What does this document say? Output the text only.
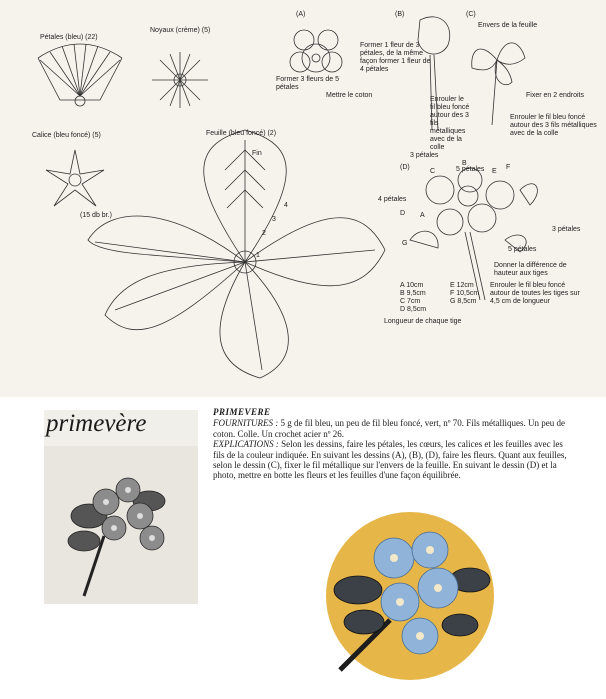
Pétales (bleu) (22)
Noyaux (crème) (5)
Calice (bleu foncé) (5)
(15 db br.)
Feuille (bleu foncé) (2)
Fin
4
3
2
1
(A)
Former 3 fleurs de 5 pétales
Mettre le coton
(B)
Former 1 fleur de 3 pétales, de la même façon former 1 fleur de 4 pétales
Enrouler le fil bleu foncé autour des 3 fils métalliques avec de la colle
(C)
Envers de la feuille
Fixer en 2 endroits
Enrouler le fil bleu foncé autour des 3 fils métalliques avec de la colle
(D)
3 pétales
5 pétales
4 pétales
3 pétales
5 pétales
A
B
C
D
E
F
G
Donner la différence de hauteur aux tiges
Enrouler le fil bleu foncé autour de toutes les tiges sur 4,5 cm de longueur
A 10cm
B 9,5cm
C 7cm
D 8,5cm
E 12cm
F 10,5cm
G 8,5cm
Longueur de chaque tige
primevère	PRIMEVERE

FOURNITURES : 5 g de fil bleu, un peu de fil bleu foncé, vert, nº 70. Fils métalliques. Un peu de coton. Colle. Un crochet acier nº 26.

EXPLICATIONS : Selon les dessins, faire les pétales, les cœurs, les calices et les feuilles avec les fils de la couleur indiquée. En suivant les dessins (A), (B), (D), faire les fleurs. Quant aux feuilles, selon le dessin (C), fixer le fil métallique sur l'envers de la feuille. En suivant le dessin (D) et la photo, mettre en botte les fleurs et les feuilles d'une façon équilibrée.
